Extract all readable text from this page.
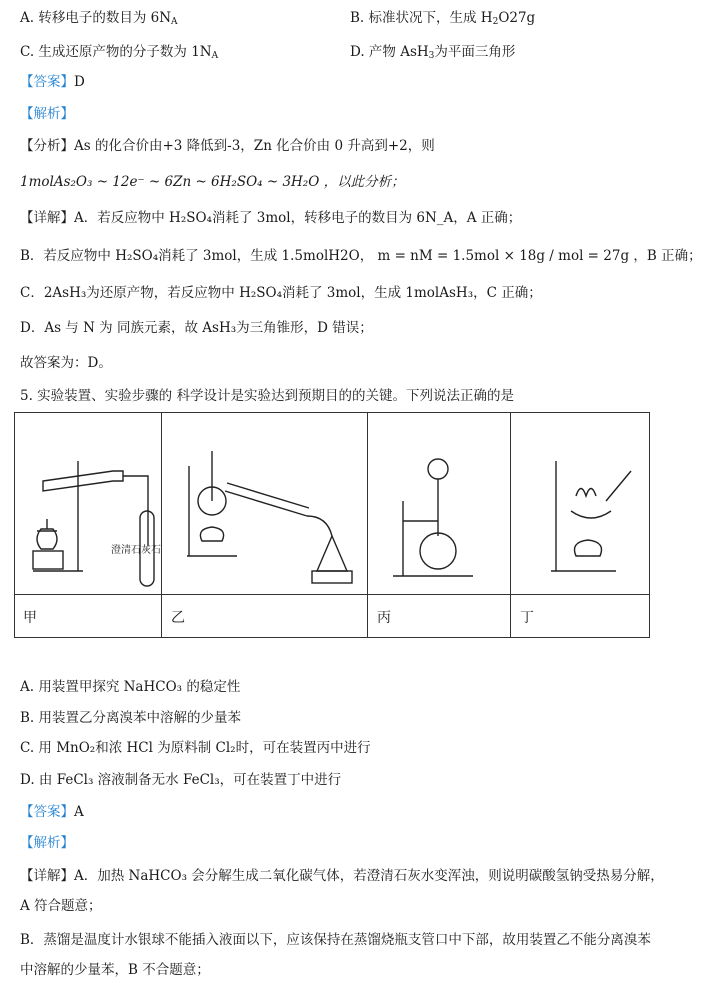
A. 转移电子的数目为 $6N_A$	B. 标准状况下，生成 $H_2O27g$
C. 生成还原产物的分子数为 $1N_A$	D. 产物 AsH$_3$为平面三角形
【答案】D
【解析】
【分析】As 的化合价由+3 降低到-3，Zn 化合价由 0 升高到+2，则
1molAs₂O₃ ~ 12e⁻ ~ 6Zn ~ 6H₂SO₄ ~ 3H₂O ，以此分析；
【详解】A．若反应物中 H₂SO₄消耗了 3mol，转移电子的数目为 6N_A，A 正确；
B．若反应物中 H₂SO₄消耗了 3mol，生成 1.5molH2O， m = nM = 1.5mol × 18g / mol = 27g ，B 正确；
C．2AsH₃为还原产物，若反应物中 H₂SO₄消耗了 3mol，生成 1molAsH₃，C 正确；
D．As 与 N 为 同族元素，故 AsH₃为三角锥形，D 错误；
故答案为：D。
5. 实验装置、实验步骤的 科学设计是实验达到预期目的的关键。下列说法正确的是
甲	乙	丙	丁
澄清石灰石
A. 用装置甲探究 NaHCO₃ 的稳定性
B. 用装置乙分离溴苯中溶解的少量苯
C. 用 MnO₂和浓 HCl 为原料制 Cl₂时，可在装置丙中进行
D. 由 FeCl₃ 溶液制备无水 FeCl₃，可在装置丁中进行
【答案】A
【解析】
【详解】A．加热 NaHCO₃ 会分解生成二氧化碳气体，若澄清石灰水变浑浊，则说明碳酸氢钠受热易分解，
A 符合题意；
B．蒸馏是温度计水银球不能插入液面以下，应该保持在蒸馏烧瓶支管口中下部，故用装置乙不能分离溴苯
中溶解的少量苯，B 不合题意；
